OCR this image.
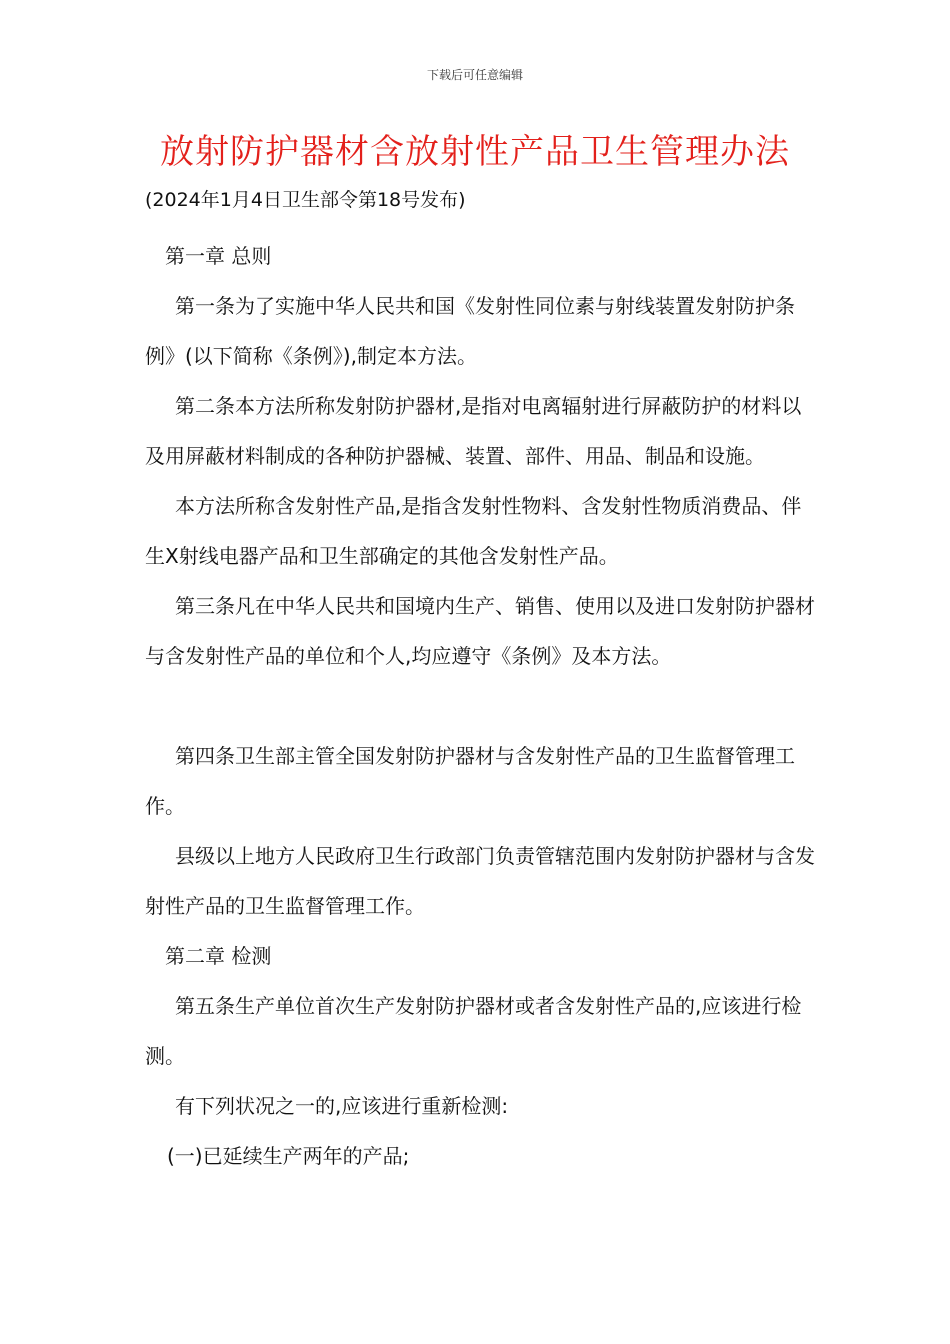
下载后可任意编辑
放射防护器材含放射性产品卫生管理办法
(2024年1月4日卫生部令第18号发布)

第一章 总则

第一条为了实施中华人民共和国《发射性同位素与射线装置发射防护条例》(以下简称《条例》),制定本方法。

第二条本方法所称发射防护器材,是指对电离辐射进行屏蔽防护的材料以及用屏蔽材料制成的各种防护器械、装置、部件、用品、制品和设施。

本方法所称含发射性产品,是指含发射性物料、含发射性物质消费品、伴生X射线电器产品和卫生部确定的其他含发射性产品。

第三条凡在中华人民共和国境内生产、销售、使用以及进口发射防护器材与含发射性产品的单位和个人,均应遵守《条例》及本方法。

第四条卫生部主管全国发射防护器材与含发射性产品的卫生监督管理工作。

县级以上地方人民政府卫生行政部门负责管辖范围内发射防护器材与含发射性产品的卫生监督管理工作。

第二章 检测

第五条生产单位首次生产发射防护器材或者含发射性产品的,应该进行检测。

有下列状况之一的,应该进行重新检测:

(一)已延续生产两年的产品;
